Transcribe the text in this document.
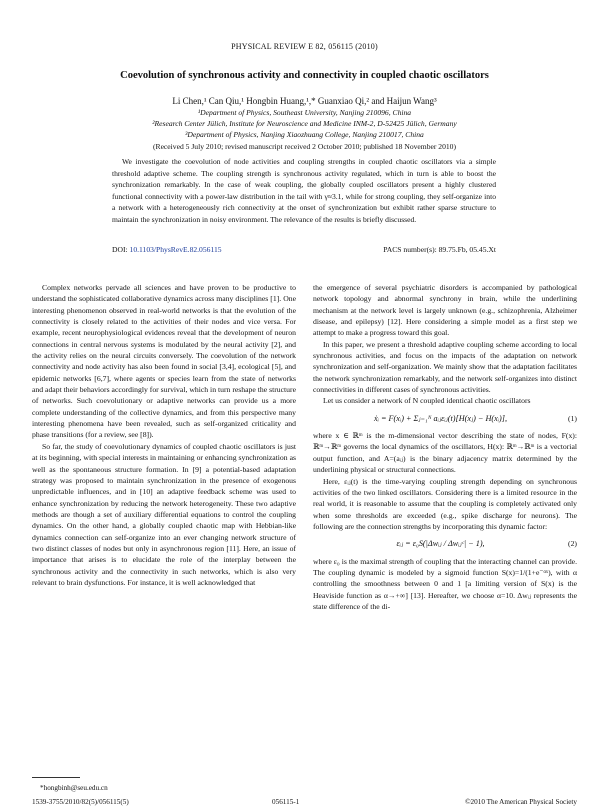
PHYSICAL REVIEW E 82, 056115 (2010)
Coevolution of synchronous activity and connectivity in coupled chaotic oscillators
Li Chen,¹ Can Qiu,¹ Hongbin Huang,¹,* Guanxiao Qi,² and Haijun Wang³
¹Department of Physics, Southeast University, Nanjing 210096, China
²Research Center Jülich, Institute for Neuroscience and Medicine INM-2, D-52425 Jülich, Germany
³Department of Physics, Nanjing Xiaozhuang College, Nanjing 210017, China
(Received 5 July 2010; revised manuscript received 2 October 2010; published 18 November 2010)
We investigate the coevolution of node activities and coupling strengths in coupled chaotic oscillators via a simple threshold adaptive scheme. The coupling strength is synchronous activity regulated, which in turn is able to boost the synchronization remarkably. In the case of weak coupling, the globally coupled oscillators present a highly clustered functional connectivity with a power-law distribution in the tail with γ≈3.1, while for strong coupling, they self-organize into a network with a heterogeneously rich connectivity at the onset of synchronization but exhibit rather sparse structure to maintain the synchronization in noisy environment. The relevance of the results is briefly discussed.
DOI: 10.1103/PhysRevE.82.056115	PACS number(s): 89.75.Fb, 05.45.Xt

Complex networks pervade all sciences and have proven to be productive to understand the sophisticated collaborative dynamics across many disciplines [1]. One interesting phenomenon observed in real-world networks is that the evolution of the connectivity is closely related to the activities of their nodes and vice versa. For example, recent neurophysiological evidences reveal that the development of neuron connections in central nervous systems is modulated by the neural activity [2], and the activity relies on the neural circuits conversely. The coevolution of the network connectivity and node activity has also been found in social [3,4], ecological [5], and epidemic networks [6,7], where agents or species learn from the state of networks and adapt their behaviors accordingly for survival, which in turn reshape the structure of networks. Such coevolutionary or adaptive networks can provide us a more complete understanding of the collective dynamics, and from this perspective many interesting phenomena have been revealed, such as self-organized criticality and phase transitions (for a review, see [8]).

So far, the study of coevolutionary dynamics of coupled chaotic oscillators is just at its beginning, with special interests in maintaining or enhancing synchronization as well as the spontaneous structure formation. In [9] a potential-based adaptation strategy was proposed to maintain synchronization in the presence of exogenous unpredictable influences, and in [10] an adaptive feedback scheme was used to enhance synchronization by reducing the network heterogeneity. These two adaptive methods are though a set of auxiliary differential equations to control the coupling dynamics. On the other hand, a globally coupled chaotic map with Hebbian-like dynamics connection can self-organize into an ever changing network structure of two distinct classes of nodes but only in asynchronous region [11]. Here, an issue of importance that arises is to elucidate the role of the interplay between the synchronous activity and the connectivity in such networks, which is also very relevant to brain dysfunctions. For instance, it is well acknowledged that

the emergence of several psychiatric disorders is accompanied by pathological network topology and abnormal synchrony in brain, while the underlining mechanism at the network level is largely unknown (e.g., schizophrenia, Alzheimer disease, and epilepsy) [12]. Here considering a simple model as a first step we attempt to make a progress toward this goal.

In this paper, we present a threshold adaptive coupling scheme according to local synchronous activities, and focus on the impacts of the adaptation on network synchronization and self-organization. We mainly show that the adaptation facilitates the network synchronization remarkably, and the network self-organizes into distinct connectivities in different cases of synchronous activities.

Let us consider a network of N coupled identical chaotic oscillators

ẋᵢ = F(xᵢ) + Σⱼ₌₁ᴺ aᵢⱼεᵢⱼ(t)[H(xⱼ) − H(xᵢ)],	(1)

where x ∈ ℝᵐ is the m-dimensional vector describing the state of nodes, F(x): ℝᵐ→ℝᵐ governs the local dynamics of the oscillators, H(x): ℝᵐ→ℝᵐ is a vectorial output function, and A=(aᵢⱼ) is the binary adjacency matrix determined by the underlining physical or structural connections.

Here, εᵢⱼ(t) is the time-varying coupling strength depending on synchronous activities of the two linked oscillators. Considering there is a limited resource in the real world, it is reasonable to assume that the coupling is completely activated only when some thresholds are exceeded (e.g., spike discharge for neurons). The following are the connection strengths by incorporating this dynamic factor:

εᵢⱼ = ε₀S(|Δwᵢⱼ / Δwᵢⱼᶜ| − 1),	(2)

where ε₀ is the maximal strength of coupling that the interacting channel can provide. The coupling dynamic is modeled by a sigmoid function S(x)=1/(1+e⁻ᵅˣ), with α controlling the smoothness between 0 and 1 [a limiting version of S(x) is the Heaviside function as α→+∞] [13]. Hereafter, we choose α=10. Δwᵢⱼ represents the state difference of the di-

*hongbinh@seu.edu.cn
1539-3755/2010/82(5)/056115(5)	056115-1	©2010 The American Physical Society
